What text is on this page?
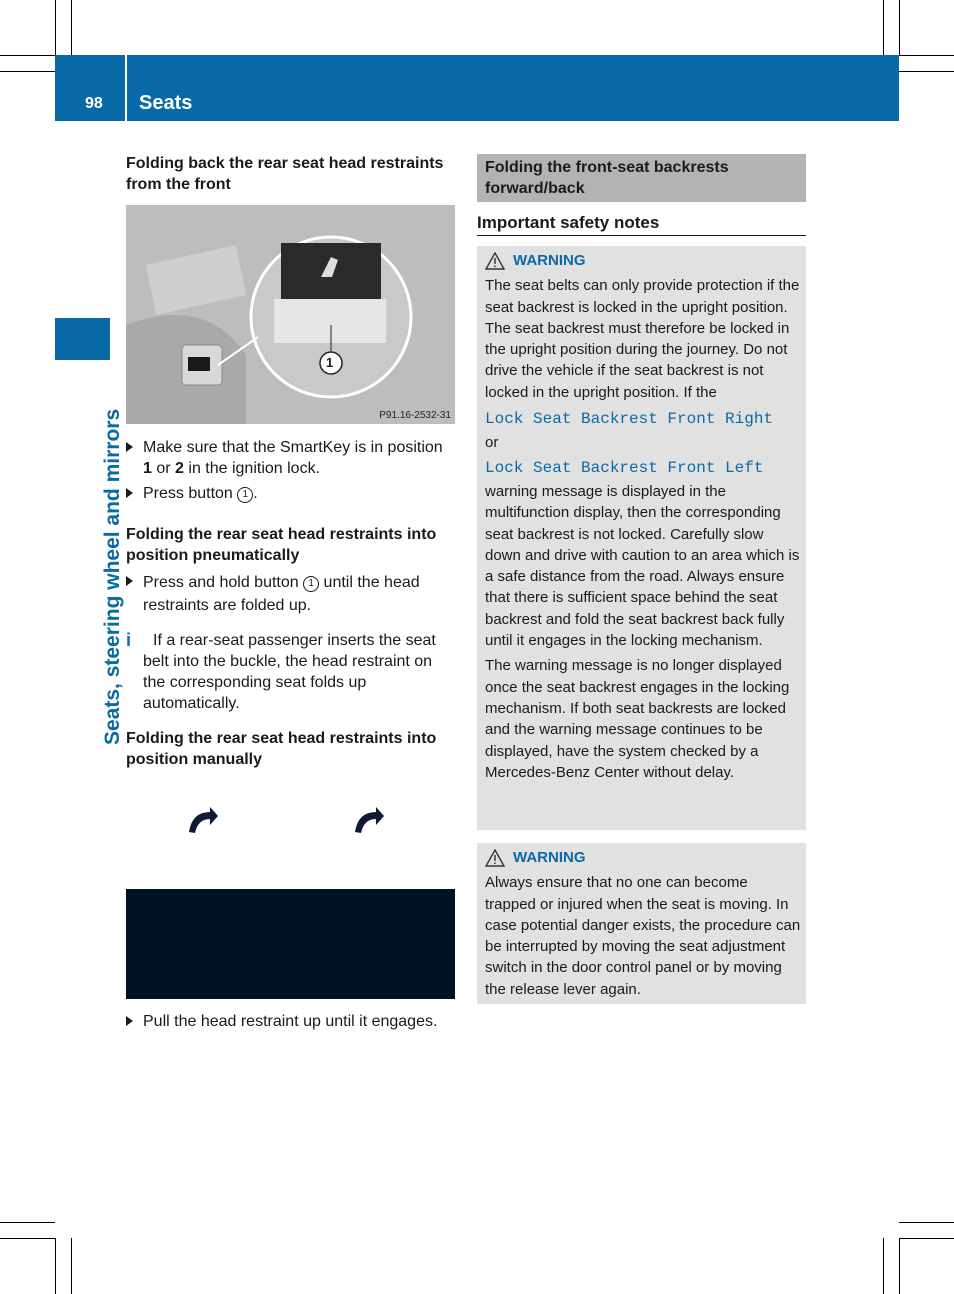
98 Seats
Seats, steering wheel and mirrors

Folding back the rear seat head restraints from the front

1
P91.16-2532-31

Make sure that the SmartKey is in position 1 or 2 in the ignition lock.

Press button 1 .

Folding the rear seat head restraints into position pneumatically

Press and hold button 1 until the head restraints are folded up.

i If a rear-seat passenger inserts the seat belt into the buckle, the head restraint on the corresponding seat folds up automatically.

Folding the rear seat head restraints into position manually

Pull the head restraint up until it engages.

Folding the front-seat backrests forward/back
Important safety notes
WARNING

The seat belts can only provide protection if the seat backrest is locked in the upright position. The seat backrest must therefore be locked in the upright position during the journey. Do not drive the vehicle if the seat backrest is not locked in the upright position. If the

Lock Seat Backrest Front Right

or

Lock Seat Backrest Front Left

warning message is displayed in the multifunction display, then the corresponding seat backrest is not locked. Carefully slow down and drive with caution to an area which is a safe distance from the road. Always ensure that there is sufficient space behind the seat backrest and fold the seat backrest back fully until it engages in the locking mechanism.

The warning message is no longer displayed once the seat backrest engages in the locking mechanism. If both seat backrests are locked and the warning message continues to be displayed, have the system checked by a Mercedes-Benz Center without delay.

WARNING

Always ensure that no one can become trapped or injured when the seat is moving. In case potential danger exists, the procedure can be interrupted by moving the seat adjustment switch in the door control panel or by moving the release lever again.
